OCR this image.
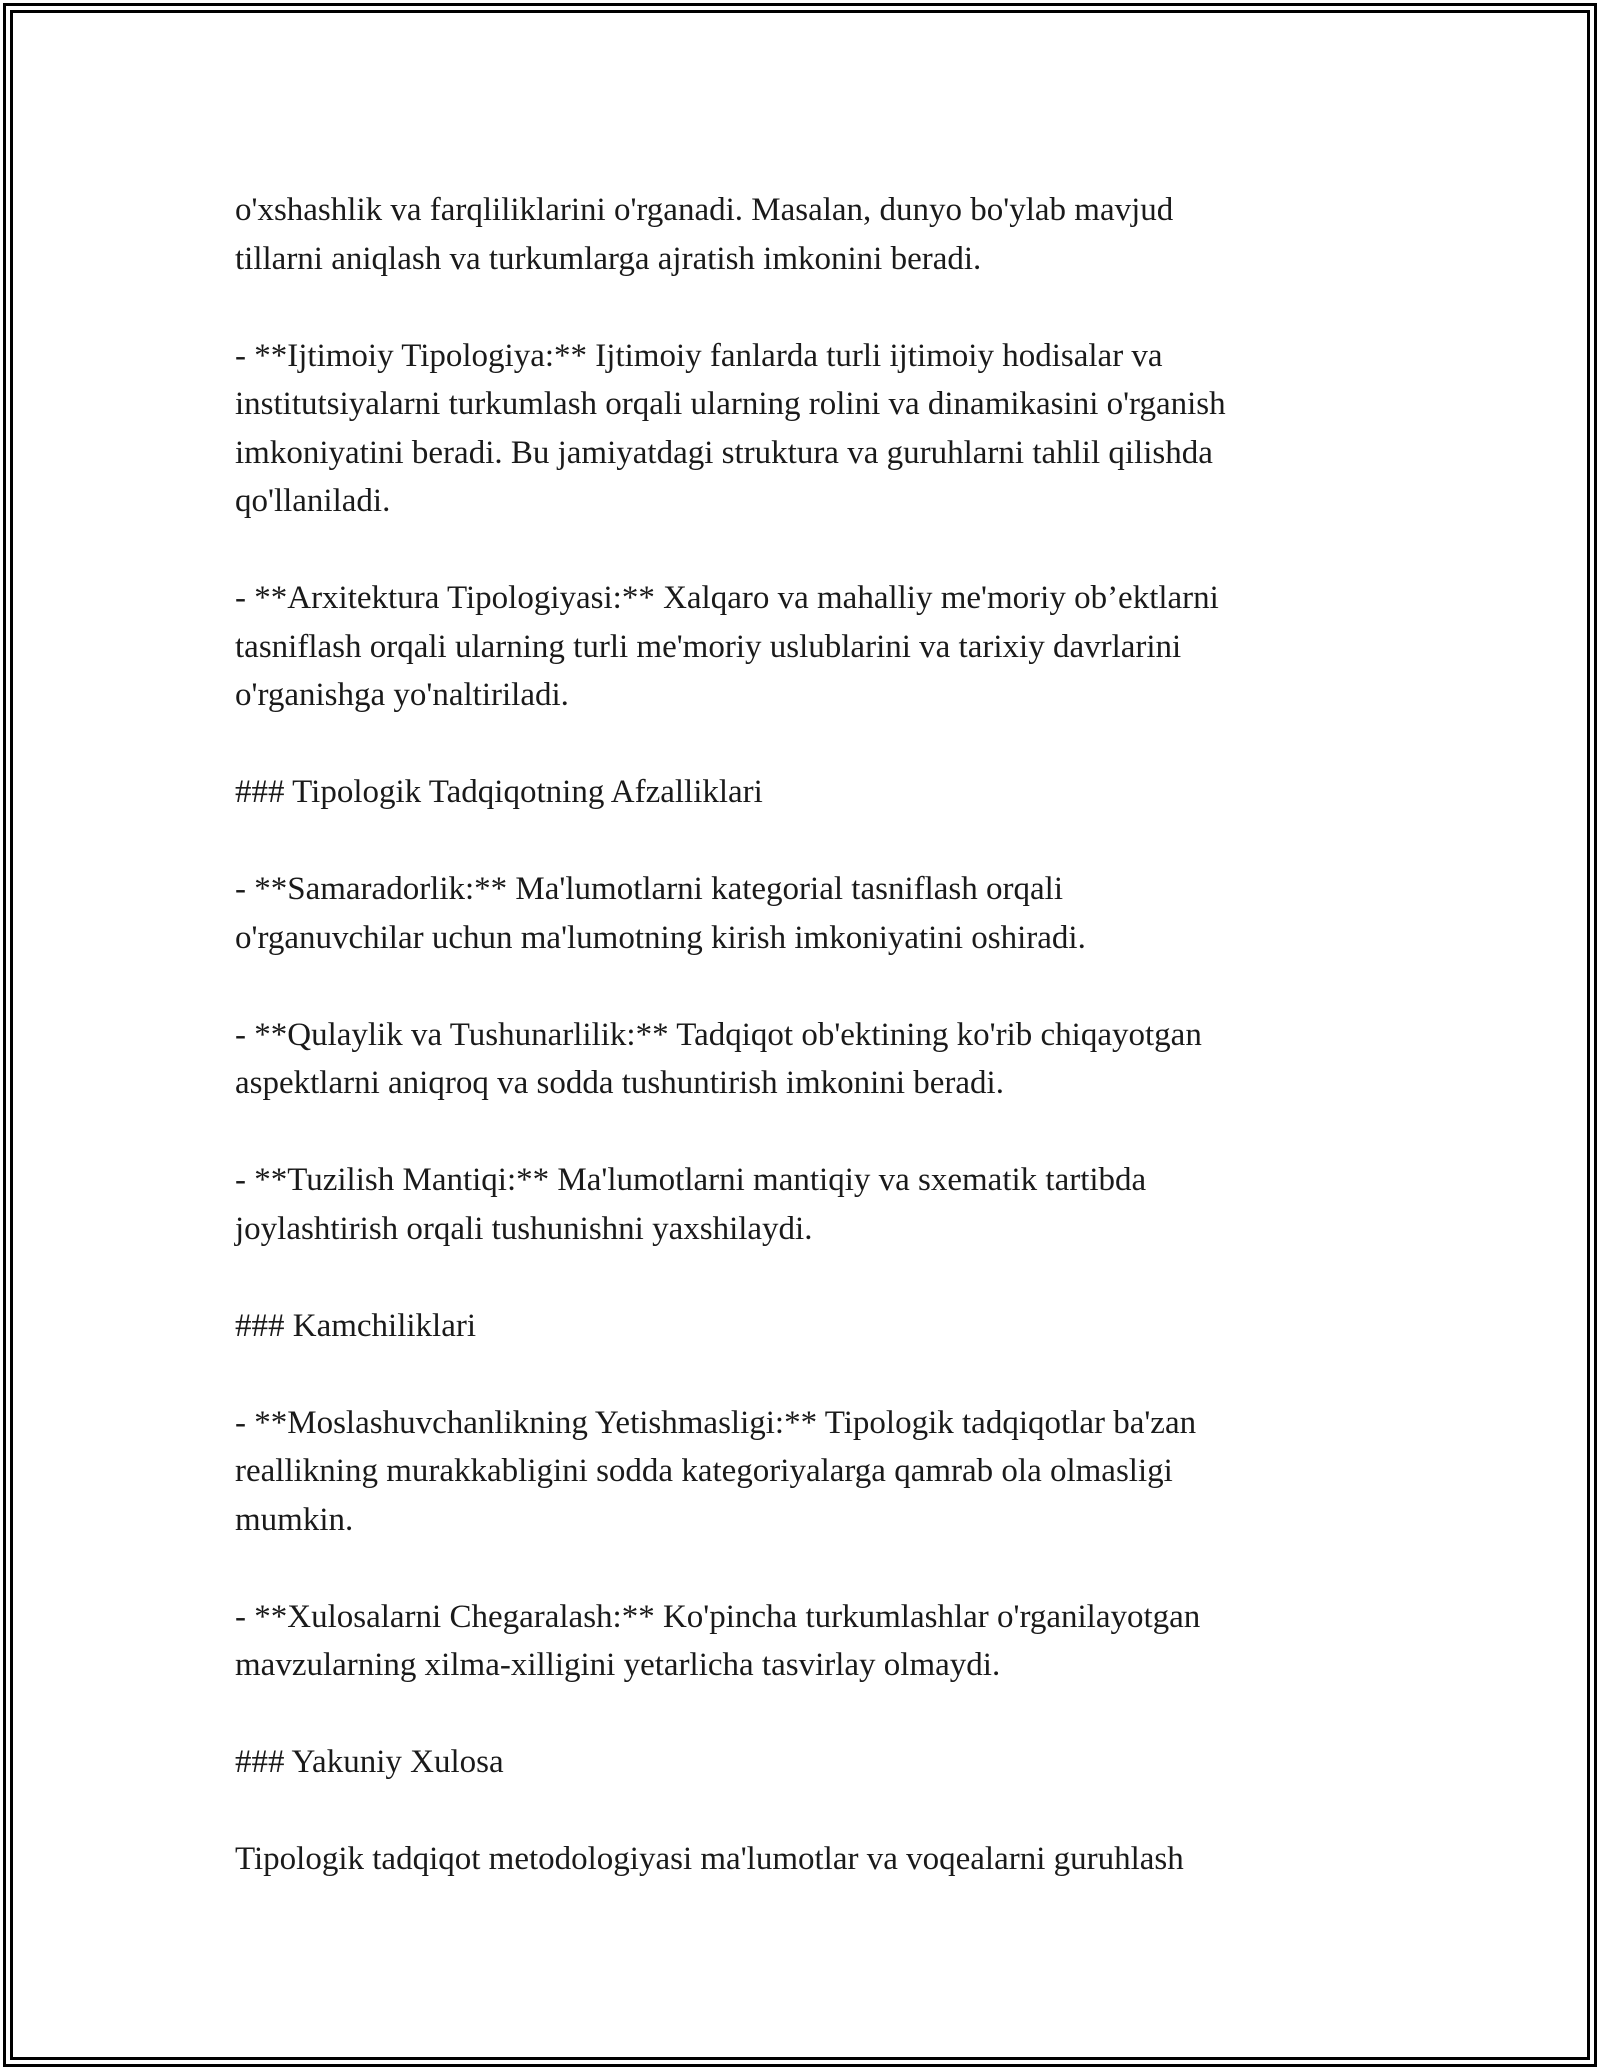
o'xshashlik va farqliliklarini o'rganadi. Masalan, dunyo bo'ylab mavjud
tillarni aniqlash va turkumlarga ajratish imkonini beradi.
- **Ijtimoiy Tipologiya:** Ijtimoiy fanlarda turli ijtimoiy hodisalar va
institutsiyalarni turkumlash orqali ularning rolini va dinamikasini o'rganish
imkoniyatini beradi. Bu jamiyatdagi struktura va guruhlarni tahlil qilishda
qo'llaniladi.
- **Arxitektura Tipologiyasi:** Xalqaro va mahalliy me'moriy ob’ektlarni
tasniflash orqali ularning turli me'moriy uslublarini va tarixiy davrlarini
o'rganishga yo'naltiriladi.
### Tipologik Tadqiqotning Afzalliklari
- **Samaradorlik:** Ma'lumotlarni kategorial tasniflash orqali
o'rganuvchilar uchun ma'lumotning kirish imkoniyatini oshiradi.
- **Qulaylik va Tushunarlilik:** Tadqiqot ob'ektining ko'rib chiqayotgan
aspektlarni aniqroq va sodda tushuntirish imkonini beradi.
- **Tuzilish Mantiqi:** Ma'lumotlarni mantiqiy va sxematik tartibda
joylashtirish orqali tushunishni yaxshilaydi.
### Kamchiliklari
- **Moslashuvchanlikning Yetishmasligi:** Tipologik tadqiqotlar ba'zan
reallikning murakkabligini sodda kategoriyalarga qamrab ola olmasligi
mumkin.
- **Xulosalarni Chegaralash:** Ko'pincha turkumlashlar o'rganilayotgan
mavzularning xilma-xilligini yetarlicha tasvirlay olmaydi.
### Yakuniy Xulosa
Tipologik tadqiqot metodologiyasi ma'lumotlar va voqealarni guruhlash
